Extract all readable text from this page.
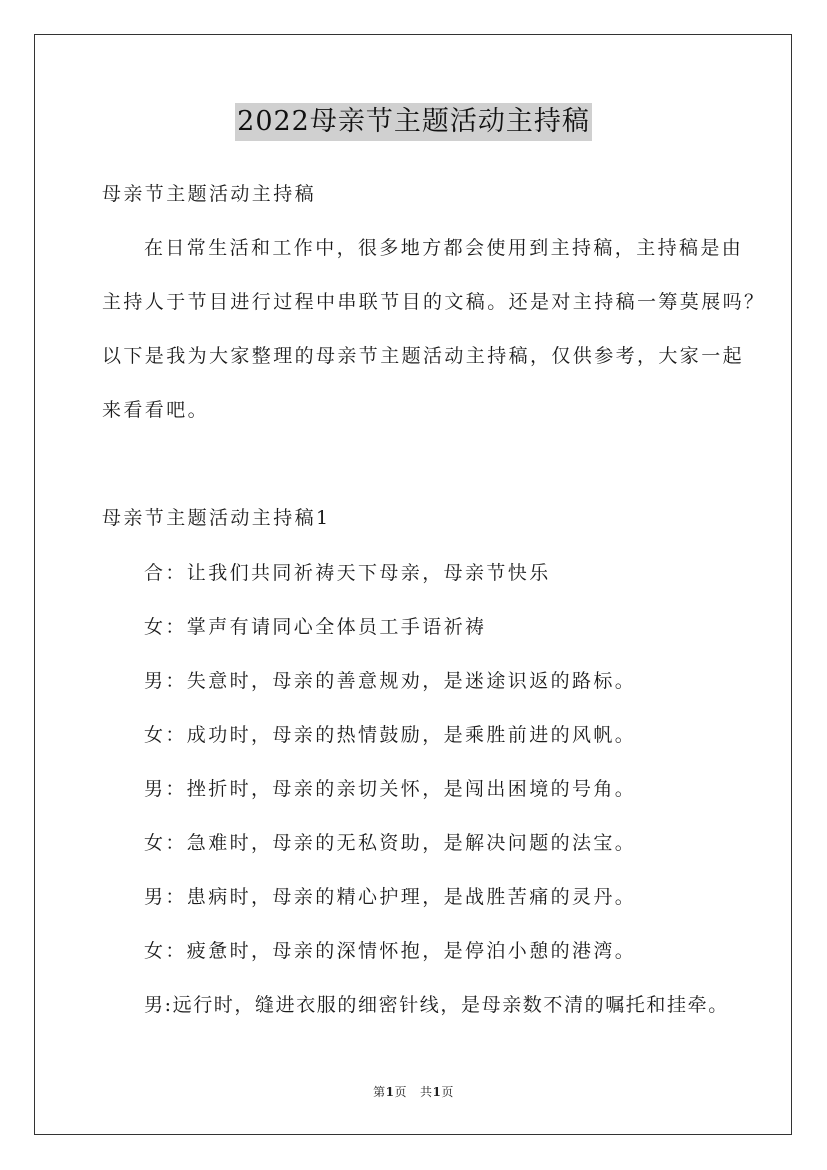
2022母亲节主题活动主持稿
母亲节主题活动主持稿
在日常生活和工作中，很多地方都会使用到主持稿，主持稿是由
主持人于节目进行过程中串联节目的文稿。还是对主持稿一筹莫展吗？
以下是我为大家整理的母亲节主题活动主持稿，仅供参考，大家一起
来看看吧。
母亲节主题活动主持稿1
合：让我们共同祈祷天下母亲，母亲节快乐
女：掌声有请同心全体员工手语祈祷
男：失意时，母亲的善意规劝，是迷途识返的路标。
女：成功时，母亲的热情鼓励，是乘胜前进的风帆。
男：挫折时，母亲的亲切关怀，是闯出困境的号角。
女：急难时，母亲的无私资助，是解决问题的法宝。
男：患病时，母亲的精心护理，是战胜苦痛的灵丹。
女：疲惫时，母亲的深情怀抱，是停泊小憩的港湾。
男:远行时，缝进衣服的细密针线，是母亲数不清的嘱托和挂牵。
第1页 共1页
